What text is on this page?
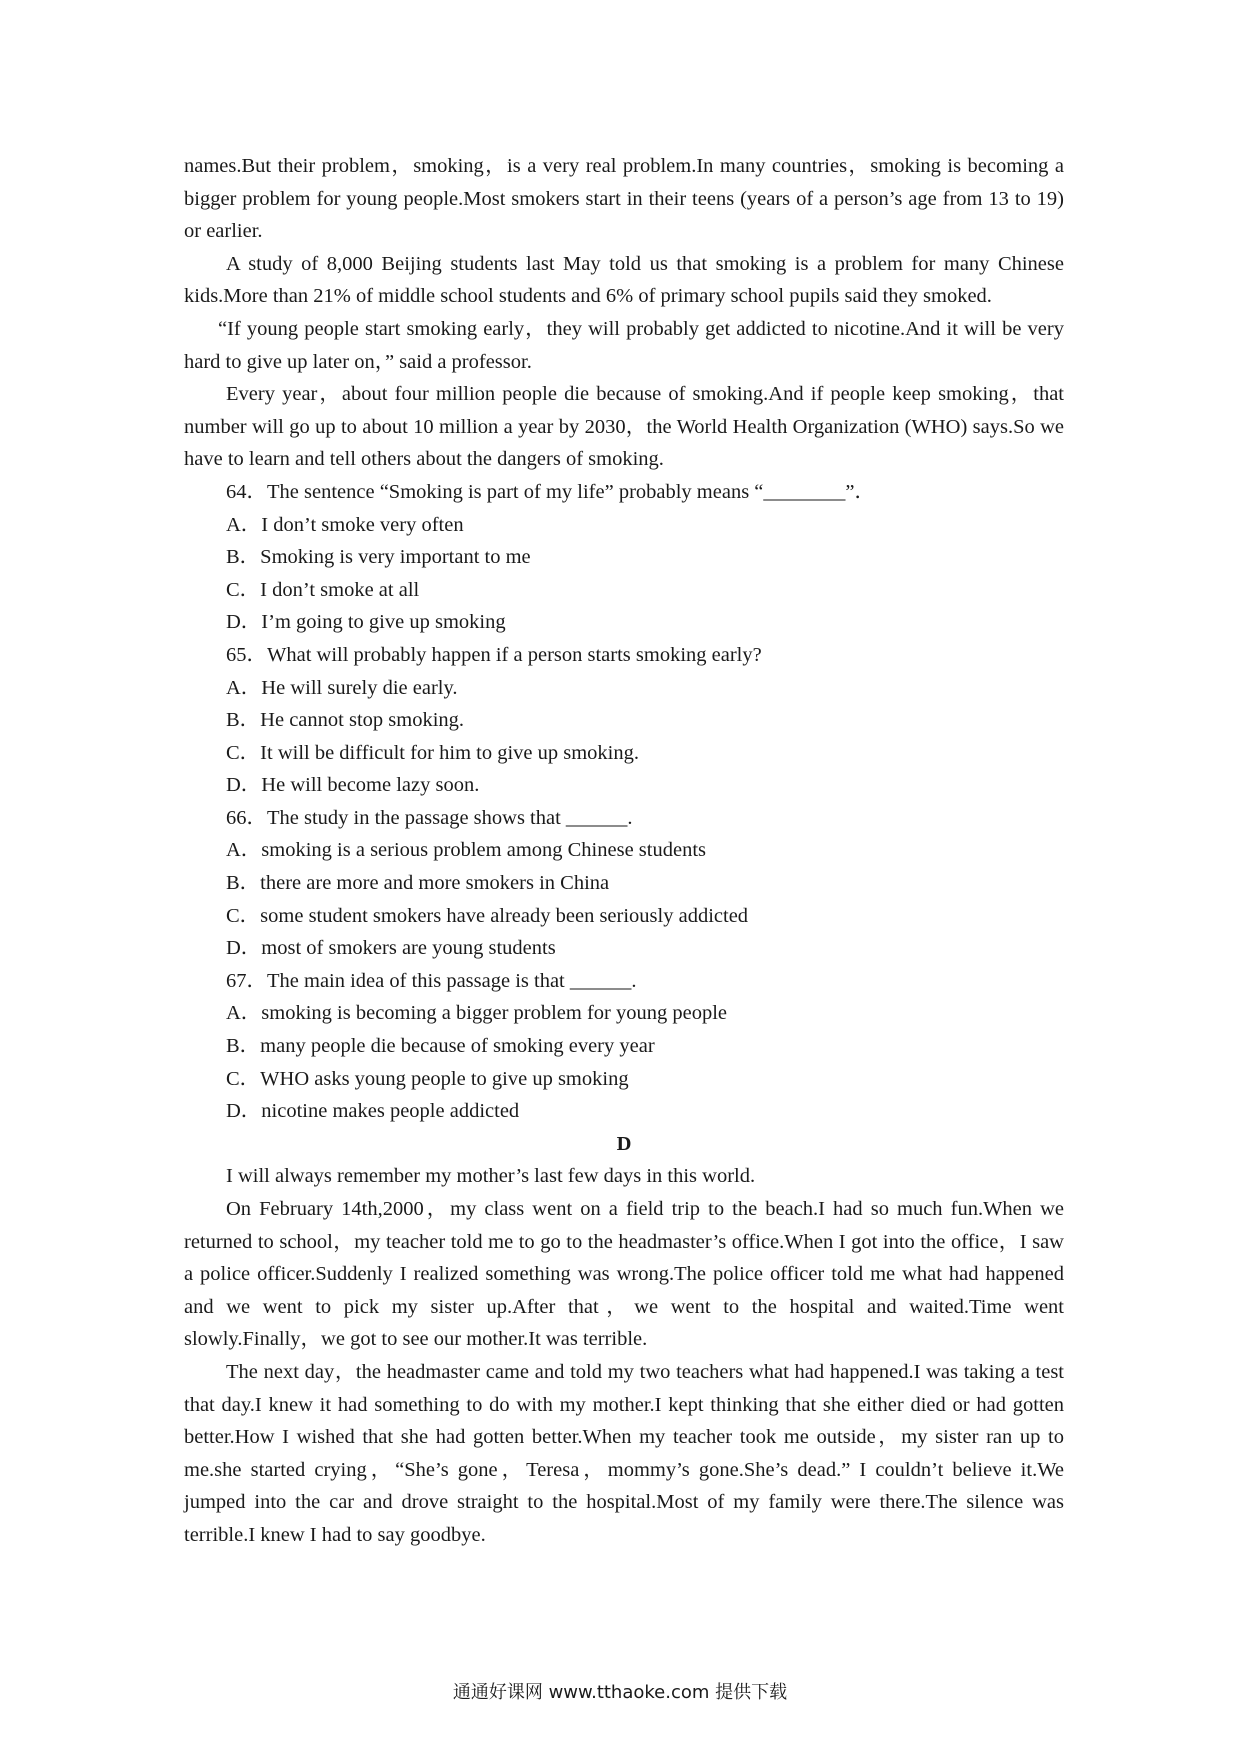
names.But their problem，smoking，is a very real problem.In many countries，smoking is becoming a bigger problem for young people.Most smokers start in their teens (years of a person’s age from 13 to 19) or earlier.

A study of 8,000 Beijing students last May told us that smoking is a problem for many Chinese kids.More than 21% of middle school students and 6% of primary school pupils said they smoked.

“If young people start smoking early，they will probably get addicted to nicotine.And it will be very hard to give up later on，” said a professor.

Every year，about four million people die because of smoking.And if people keep smoking，that number will go up to about 10 million a year by 2030，the World Health Organization (WHO) says.So we have to learn and tell others about the dangers of smoking.

64．The sentence “Smoking is part of my life” probably means “________”．

A．I don’t smoke very often

B．Smoking is very important to me

C．I don’t smoke at all

D．I’m going to give up smoking

65．What will probably happen if a person starts smoking early?

A．He will surely die early.

B．He cannot stop smoking.

C．It will be difficult for him to give up smoking.

D．He will become lazy soon.

66．The study in the passage shows that ______.

A．smoking is a serious problem among Chinese students

B．there are more and more smokers in China

C．some student smokers have already been seriously addicted

D．most of smokers are young students

67．The main idea of this passage is that ______.

A．smoking is becoming a bigger problem for young people

B．many people die because of smoking every year

C．WHO asks young people to give up smoking

D．nicotine makes people addicted

D

I will always remember my mother’s last few days in this world.

On February 14th,2000，my class went on a field trip to the beach.I had so much fun.When we returned to school，my teacher told me to go to the headmaster’s office.When I got into the office，I saw a police officer.Suddenly I realized something was wrong.The police officer told me what had happened and we went to pick my sister up.After that，we went to the hospital and waited.Time went slowly.Finally，we got to see our mother.It was terrible.

The next day，the headmaster came and told my two teachers what had happened.I was taking a test that day.I knew it had something to do with my mother.I kept thinking that she either died or had gotten better.How I wished that she had gotten better.When my teacher took me outside，my sister ran up to me.she started crying，“She’s gone，Teresa，mommy’s gone.She’s dead.” I couldn’t believe it.We jumped into the car and drove straight to the hospital.Most of my family were there.The silence was terrible.I knew I had to say goodbye.

通通好课网 www.tthaoke.com 提供下载
